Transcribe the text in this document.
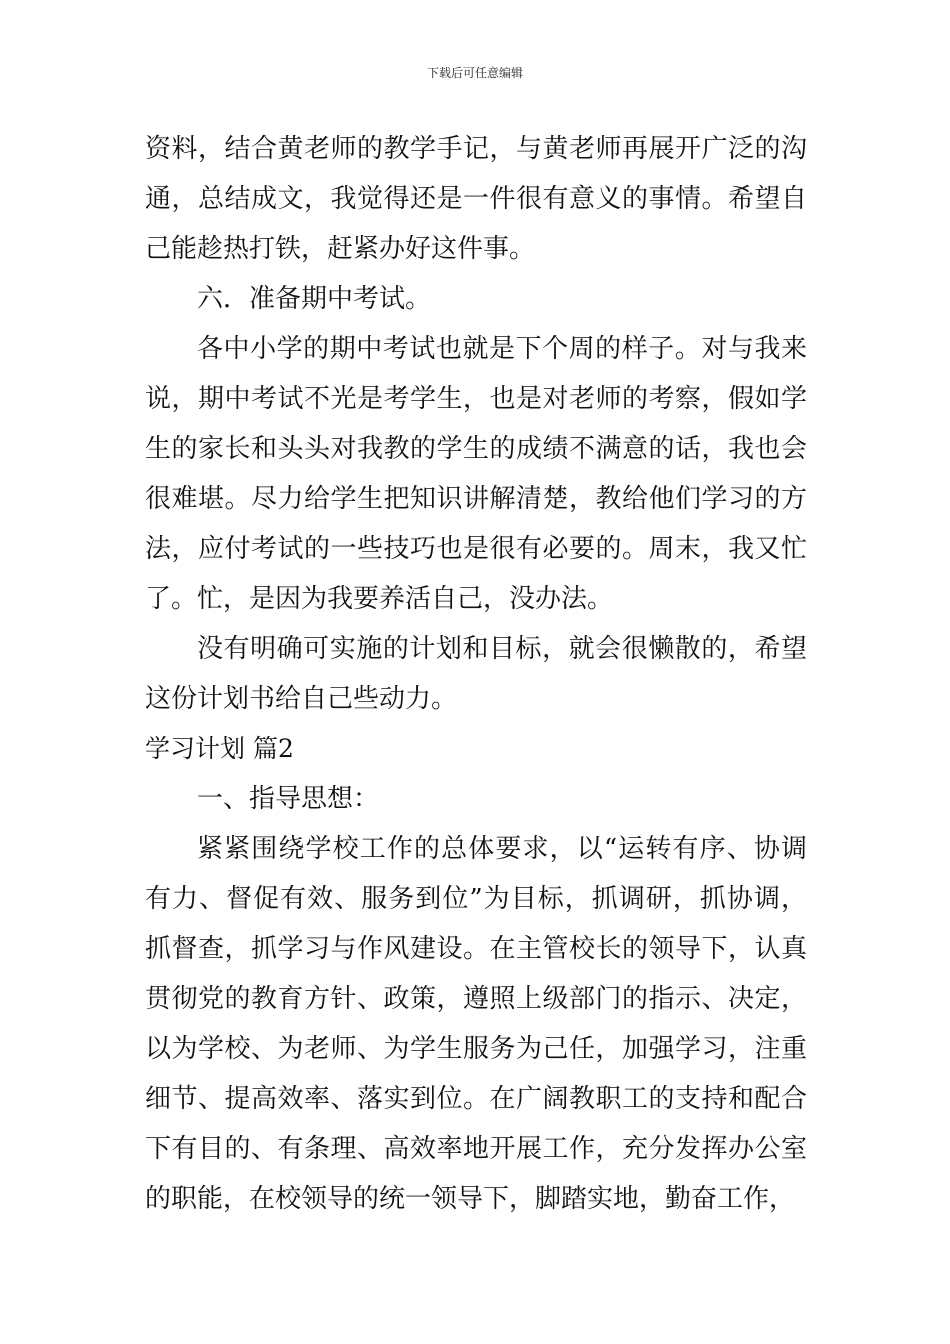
下载后可任意编辑

资料，结合黄老师的教学手记，与黄老师再展开广泛的沟通，总结成文，我觉得还是一件很有意义的事情。希望自己能趁热打铁，赶紧办好这件事。

六．准备期中考试。

各中小学的期中考试也就是下个周的样子。对与我来说，期中考试不光是考学生，也是对老师的考察，假如学生的家长和头头对我教的学生的成绩不满意的话，我也会很难堪。尽力给学生把知识讲解清楚，教给他们学习的方法，应付考试的一些技巧也是很有必要的。周末，我又忙了。忙，是因为我要养活自己，没办法。

没有明确可实施的计划和目标，就会很懒散的，希望这份计划书给自己些动力。

学习计划 篇2

一、指导思想：

紧紧围绕学校工作的总体要求，以“运转有序、协调有力、督促有效、服务到位”为目标，抓调研，抓协调，抓督查，抓学习与作风建设。在主管校长的领导下，认真贯彻党的教育方针、政策，遵照上级部门的指示、决定，以为学校、为老师、为学生服务为己任，加强学习，注重细节、提高效率、落实到位。在广阔教职工的支持和配合下有目的、有条理、高效率地开展工作，充分发挥办公室的职能，在校领导的统一领导下，脚踏实地，勤奋工作，
